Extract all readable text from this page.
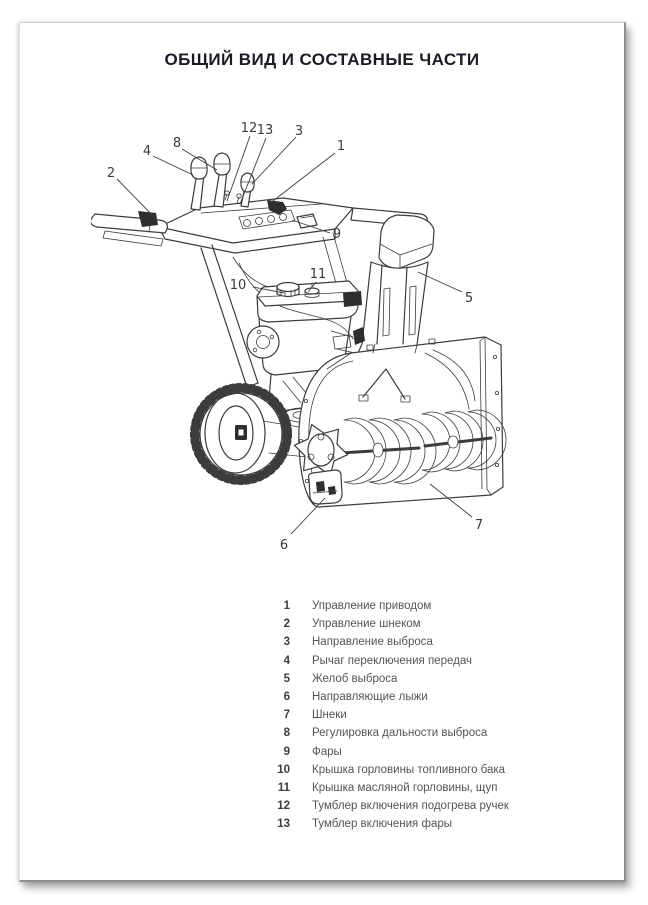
ОБЩИЙ ВИД И СОСТАВНЫЕ ЧАСТИ
1
2
3
4
5
6
7
8
9
10
11
12 13
1 Управление приводом
2 Управление шнеком
3 Направление выброса
4 Рычаг переключения передач
5 Желоб выброса
6 Направляющие лыжи
7 Шнеки
8 Регулировка дальности выброса
9 Фары
10 Крышка горловины топливного бака
11 Крышка масляной горловины, щуп
12 Тумблер включения подогрева ручек
13 Тумблер включения фары
